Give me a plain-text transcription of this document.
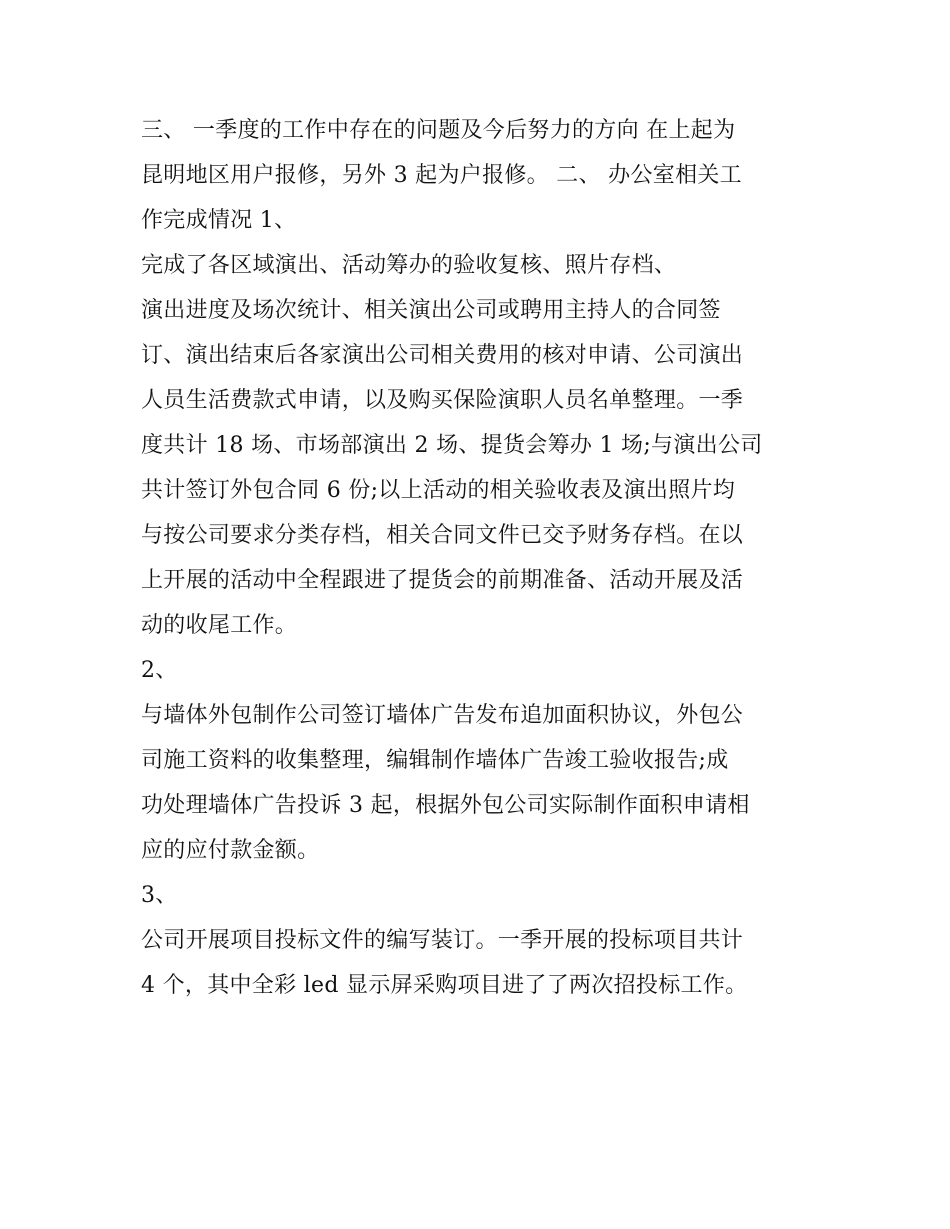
三、 一季度的工作中存在的问题及今后努力的方向 在上起为
昆明地区用户报修，另外 3 起为户报修。 二、 办公室相关工
作完成情况 1、
完成了各区域演出、活动筹办的验收复核、照片存档、
演出进度及场次统计、相关演出公司或聘用主持人的合同签
订、演出结束后各家演出公司相关费用的核对申请、公司演出
人员生活费款式申请，以及购买保险演职人员名单整理。一季
度共计 18 场、市场部演出 2 场、提货会筹办 1 场;与演出公司
共计签订外包合同 6 份;以上活动的相关验收表及演出照片均
与按公司要求分类存档，相关合同文件已交予财务存档。在以
上开展的活动中全程跟进了提货会的前期准备、活动开展及活
动的收尾工作。
2、
与墙体外包制作公司签订墙体广告发布追加面积协议，外包公
司施工资料的收集整理，编辑制作墙体广告竣工验收报告;成
功处理墙体广告投诉 3 起，根据外包公司实际制作面积申请相
应的应付款金额。
3、
公司开展项目投标文件的编写装订。一季开展的投标项目共计
4 个，其中全彩 led 显示屏采购项目进了了两次招投标工作。
